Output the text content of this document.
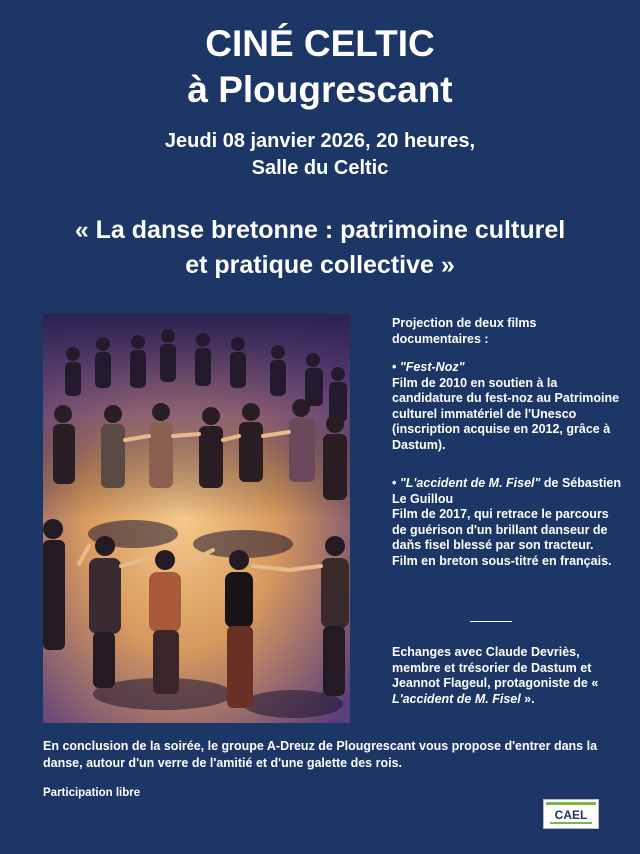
CINÉ CELTIC
à Plougrescant
Jeudi 08 janvier 2026, 20 heures,
Salle du Celtic
« La danse bretonne : patrimoine culturel
et pratique collective »
Projection de deux films documentaires :

• "Fest-Noz"

Film de 2010 en soutien à la candidature du fest-noz au Patrimoine culturel immatériel de l'Unesco (inscription acquise en 2012, grâce à Dastum).

• "L'accident de M. Fisel" de Sébastien Le Guillou

Film de 2017, qui retrace le parcours de guérison d'un brillant danseur de daňs fisel blessé par son tracteur.

Film en breton sous-titré en français.

Echanges avec Claude Devriès, membre et trésorier de Dastum et Jeannot Flageul, protagoniste de « L'accident de M. Fisel ».
En conclusion de la soirée, le groupe A-Dreuz de Plougrescant vous propose d'entrer dans la danse, autour d'un verre de l'amitié et d'une galette des rois.
Participation libre
CAEL
